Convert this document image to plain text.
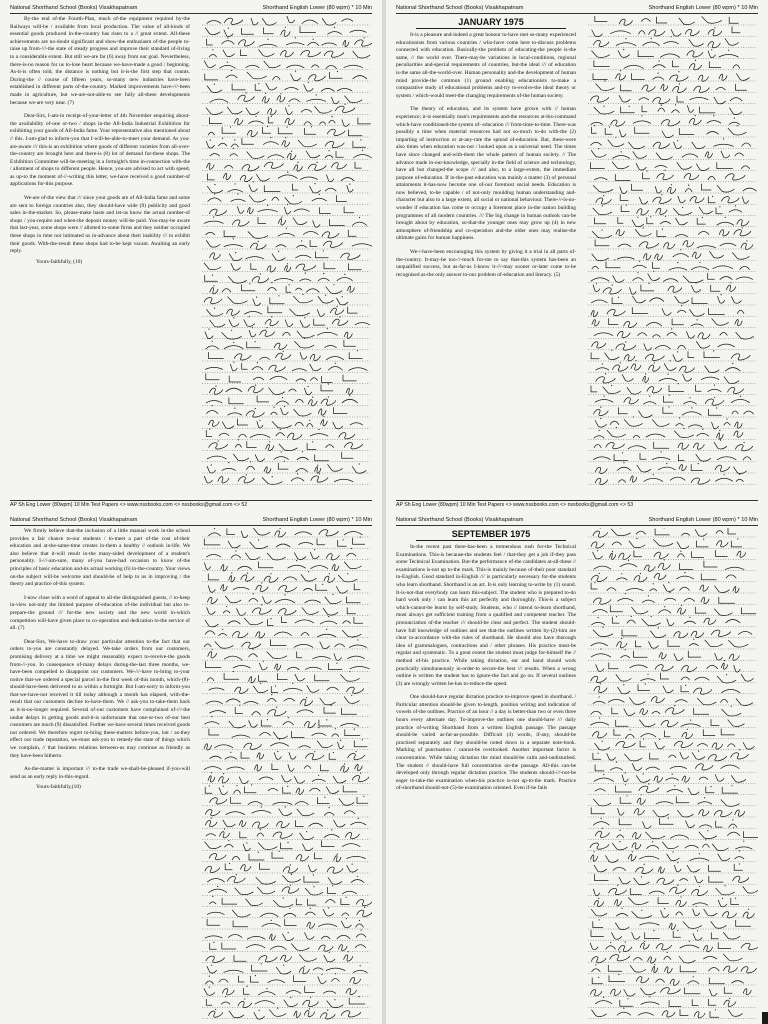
National Shorthand School (Books) Visakhapatnam	Shorthand English Lower (80 wpm) * 10 Min

By-the end of-the Fourth-Plan, much of-the equipment required by-the Railways will-be / available from local production. The value of all-kinds of essential goods produced in-the-country has risen to a // great extent. All-these achievements are no-doubt significant and show-the enthusiasm of-the people to-raise up from-///-the state of steady progress and improve their standard of-living to a considerable extent. But still we-are far (6) away from our goal. Nevertheless, there-is-no reason for us to-lose heart because we-have-made a good / beginning. As-it-is often told, the distance is nothing but it-is-the first step that counts. During-the // course of fifteen years, so-many new industries have-been established in different parts of-the-country. Marked improvements have-///-been made in agriculture, but we-are-not-able-to see fully all-these developments because we-are very near. (7)

Dear-Sirs, I-am-in receipt-of-your-letter of 4th November enquiring about-the availability of-one or-two / shops in-the All-India Industrial Exhibition for exhibiting your goods of All-India fame. Your representative also mentioned about // this. I-am-glad to inform-you that I-will-be-able-to-meet your demand. As you-are-aware /// this-is an exhibition where goods of different varieties from all-over-the-country are brought here and there-is (8) lot of demand for-these shops. The Exhibition Committee will-be-meeting in a fortnight's time in-connection with-the / allotment of shops to different people. Hence, you-are advised to act with speed, as up-to the moment of-//-writing this letter, we-have received a good number-of applications for-this purpose.

We-are of-the view that /// since your goods are of All-India fame and some are sent to foreign countries also, they should-have wide (9) publicity and good sales in-the-market. So, please-make haste and let-us know the actual number-of shops / you-require and when-the deposit money will-be paid. You-may-be aware that last-year, some shops were // allotted to-some firms and they neither occupied these shops in time nor intimated us in-advance about their inability /// to exhibit their goods. With-the-result these shops had to-be kept vacant. Awaiting an early reply.

Yours-faithfully, (10)

AP Sh Eng Lower (80wpm) 10 Min Test Papers <> www.nssbooks.com <> nssbooks@gmail.com <> 52
National Shorthand School (Books) Visakhapatnam	Shorthand English Lower (80 wpm) * 10 Min
JANUARY 1975

It-is a pleasure and-indeed a great honour to-have met so-many experienced educationists from various countries / who-have come here to-discuss problems connected with education. Basically-the problem of educating-the people is-the same, // the world over. There-may-be variations in local-conditions, regional peculiarities and-special requirements of countries, but-the ideal /// of education is-the same all-the-world-over. Human personality and-the development of human mind provide-the common (1) ground enabling educationists to-make a comparative study of educational problems and-try to-evolve-the ideal theory or system / which-would meet-the changing requirements of-the human society.

The theory of education, and its system have grown with // human experience; it-is essentially man's requirements and-the resources at-his-command which-have conditioned-the system of- education /// from-time-to-time. There-was possibly a time when material resources had not so-much to-do with-the (2) imparting of instruction or at-any-rate the spread of-education. But, these-were also times when education was-not / looked upon as a universal need. The times have since changed and-with-them the whole pattern of human society. // The advance made in-our-knowledge, specially in-the field of science and technology, have all but changed-the scope /// and also, to a large-extent, the immediate purpose of-education. If in-the-past education was mainly a matter (3) of personal attainments it-has-now become one of-our foremost social needs. Education is now believed, to-be capable / of not-only moulding human understanding and-character but also to a large extent, all social or national behaviour. There-//-is-no-wonder if education has come to occupy a foremost place in-the nation building programmes of all modern countries. /// The big change in human outlook can-be brought about by education, so-that-the younger ones may grow up (4) in new atmosphere of-friendship and co-operation and-the older ones may realise-the ultimate gains for human happiness.

We-/-have-been encouraging this system by giving it a trial in all parts of-the-country. It-may-be too-//-much for-me to say that-this system has-been an unqualified success, but as-far-as I-know it-///-may sooner or-later come to-be recognised as-the only answer to-our problem of-education and literacy. (5)

AP Sh Eng Lower (80wpm) 10 Min Test Papers <> www.nssbooks.com <> nssbooks@gmail.com <> 53
National Shorthand School (Books) Visakhapatnam	Shorthand English Lower (80 wpm) * 10 Min

We firmly believe that-the inclusion of a little manual work in-the school provides a fair chance to-our students / to-meet a part of-the cost of-their education and at-the-same-time creates in-them a healthy // outlook in-life. We also believe that it-will result in-the many-sided development of a student's personality. I-///-am-sure, many of-you have-had occasion to know of-the principles of basic education and-its actual working (6) in-the-country. Your views on-the subject will-be welcome and should-be of help to us in improving / the theory and practice of-this system.

I-now close with a word of appeal to all-the distinguished guests, // to-keep in-view not-only the limited purpose of-education of-the individual but also to-prepare-the ground /// for-the new society and the new world in-which competition will-have given place to co-operation and dedication to-the service of all. (7)

Dear-Sirs, We-have to-draw your particular attention to-the fact that our orders to-you are constantly delayed. We-take orders from our customers, promising delivery at a time we might reasonably expect to-receive-the goods from-//-you. In consequence of-many delays during-the-last three months, we-have-been compelled to disappoint our customers. We-///-have to-bring to-your notice that-we ordered a special parcel in-the first week of-this month, which-(8)-should-have-been delivered to us within a fortnight. But I-am-sorry to inform-you that-we-have-not received it till today although a month has elapsed, with-the-result that our customers decline to-have-them. We // ask-you to-take-them back as it-is-no-longer required. Several of-our customers have complained of-///-the undue delays in getting goods and-it-is unfortunate that one-or-two of-our best customers are much (9) dissatisfied. Further we-have several times received goods not ordered. We therefore regret to-bring these-matters before-you, but / as-they effect our trade reputation, we-must ask-you to remedy-the state of things which we complain, // that business relations between-us may continue as friendly as they have-been hitherto.

As-the-matter is important /// to-the trade we-shall-be-pleased if-you-will send us an early reply in-this-regard.

Yours-faithfully,(10)

National Shorthand School (Books) Visakhapatnam	Shorthand English Lower (80 wpm) * 10 Min
SEPTEMBER 1975

In-the recent past there-has-been a tremendous rush for-the Technical Examinations. This-is because-the students feel / that-they get a job if-they pass some Technical Examination. But-the performance of-the candidates at-all-these // examinations is-not up to-the mark. This-is mainly because of-their poor standard in-English. Good standard in-English /// is particularly necessary for-the students who learn shorthand. Shorthand is an art. It-is only learning to-write by (1) sound. It-is-not-that everybody can learn this-subject. The student who is prepared to-do hard work only / can learn this art perfectly and thoroughly. This-is a subject which-cannot-be learnt by self-study. Students, who // intend to-learn shorthand, must always get sufficient training from a qualified and competent teacher. The pronunciation of-the teacher /// should-be clear and perfect. The student should-have full knowledge of outlines and see that-the outlines written by-(2)-him are clear in-accordance with-the rules of shorthand. He should also have thorough idea of grammalogues, contractions and / other phrases. His practice must-be regular and systematic. To a great extent the student must judge for-himself the // method of-his practice. While taking dictation, ear and hand should work practically simultaneously in-order-to secure-the best /// results. When a wrong outline is written the student has to ignore-the fact and go on. If several outlines (3) are wrongly written he-has to-reduce-the speed.

One should-have regular dictation practice to-improve speed in shorthand. / Particular attention should-be given to-length, position writing and indication of vowels of-the outlines. Practice of an hour // a day is better-than two or even three hours every alternate day. To-improve-the outlines one should-have /// daily practice of-writing Shorthand from a written English passage. The passage should-be varied as-far-as-possible. Difficult (4) words, if-any, should-be practised separately and they should-be noted down in a separate note-book. Marking of punctuation / cannot-be overlooked. Another important factor is concentration. While taking dictation the mind should-be calm and-undisturbed. The student // should-have full concentration on-the passage. All-this can-be developed only through regular dictation practice. The students should-///-not-be eager to-take-the examination when-his practice is-not up-to-the mark. Practice of-shorthand should-not-(5)-be examination oriented. Even if-he fails
